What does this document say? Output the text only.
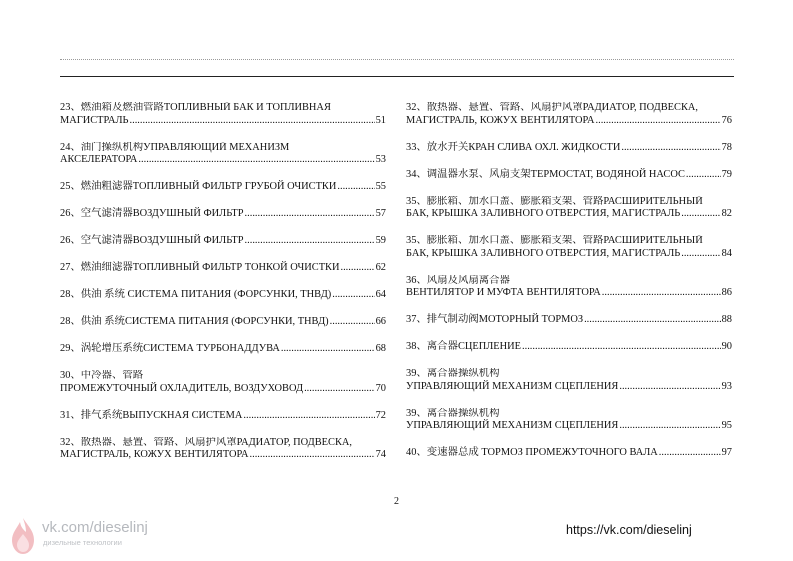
23、燃油箱及燃油管路ТОПЛИВНЫЙ БАК И ТОПЛИВНАЯ
МАГИСТРАЛЬ .....	51
24、油门操纵机构УПРАВЛЯЮЩИЙ МЕХАНИЗМ
АКСЕЛЕРАТОРА .....	53
25、燃油粗滤器ТОПЛИВНЫЙ ФИЛЬТР ГРУБОЙ ОЧИСТКИ .....	55
26、空气滤清器ВОЗДУШНЫЙ ФИЛЬТР .....	57
26、空气滤清器ВОЗДУШНЫЙ ФИЛЬТР .....	59
27、燃油细滤器ТОПЛИВНЫЙ ФИЛЬТР ТОНКОЙ ОЧИСТКИ .....	62
28、供油 系统 СИСТЕМА ПИТАНИЯ (ФОРСУНКИ, ТНВД) .....	64
28、供油 系统СИСТЕМА ПИТАНИЯ (ФОРСУНКИ, ТНВД) .....	66
29、涡轮增压系统СИСТЕМА ТУРБОНАДДУВА .....	68
30、中冷器、管路
ПРОМЕЖУТОЧНЫЙ ОХЛАДИТЕЛЬ, ВОЗДУХОВОД .....	70
31、排气系统ВЫПУСКНАЯ СИСТЕМА .....	72
32、散热器、悬置、管路、风扇护风罩РАДИАТОР, ПОДВЕСКА,
МАГИСТРАЛЬ, КОЖУХ ВЕНТИЛЯТОРА .....	74
32、散热器、悬置、管路、风扇护风罩РАДИАТОР, ПОДВЕСКА,
МАГИСТРАЛЬ, КОЖУХ ВЕНТИЛЯТОРА .....	76
33、放水开关КРАН СЛИВА ОХЛ. ЖИДКОСТИ .....	78
34、调温器水泵、风扇支架ТЕРМОСТАТ, ВОДЯНОЙ НАСОС .....	79
35、膨胀箱、加水口盖、膨胀箱支架、管路РАСШИРИТЕЛЬНЫЙ
БАК, КРЫШКА ЗАЛИВНОГО ОТВЕРСТИЯ, МАГИСТРАЛЬ .....	82
35、膨胀箱、加水口盖、膨胀箱支架、管路РАСШИРИТЕЛЬНЫЙ
БАК, КРЫШКА ЗАЛИВНОГО ОТВЕРСТИЯ, МАГИСТРАЛЬ .....	84
36、风扇及风扇离合器
ВЕНТИЛЯТОР И МУФТА ВЕНТИЛЯТОРА .....	86
37、排气制动阀МОТОРНЫЙ ТОРМОЗ .....	88
38、离合器СЦЕПЛЕНИЕ .....	90
39、离合器操纵机构
УПРАВЛЯЮЩИЙ МЕХАНИЗМ СЦЕПЛЕНИЯ .....	93
39、离合器操纵机构
УПРАВЛЯЮЩИЙ МЕХАНИЗМ СЦЕПЛЕНИЯ .....	95
40、变速器总成 ТОРМОЗ ПРОМЕЖУТОЧНОГО ВАЛА .....	97
2
https://vk.com/dieselinj
vk.com/dieselinj
дизельные технологии
